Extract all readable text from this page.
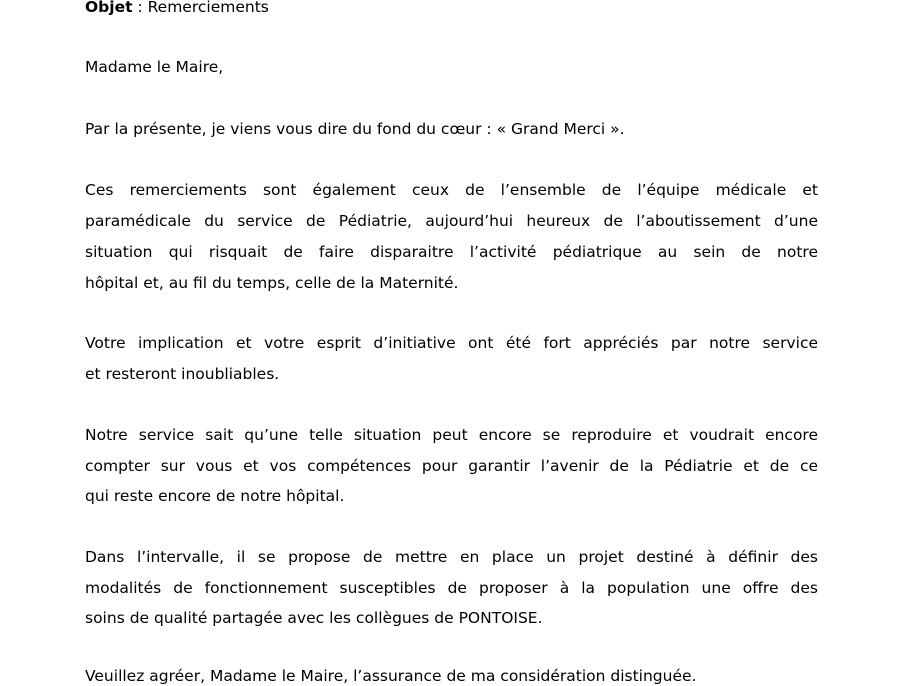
Objet : Remerciements
Madame le Maire,
Par la présente, je viens vous dire du fond du cœur : « Grand Merci ».
Ces remerciements sont également ceux de l’ensemble de l’équipe médicale et
paramédicale du service de Pédiatrie, aujourd’hui heureux de l’aboutissement d’une
situation qui risquait de faire disparaitre l’activité pédiatrique au sein de notre
hôpital et, au fil du temps, celle de la Maternité.
Votre implication et votre esprit d’initiative ont été fort appréciés par notre service
et resteront inoubliables.
Notre service sait qu’une telle situation peut encore se reproduire et voudrait encore
compter sur vous et vos compétences pour garantir l’avenir de la Pédiatrie et de ce
qui reste encore de notre hôpital.
Dans l’intervalle, il se propose de mettre en place un projet destiné à définir des
modalités de fonctionnement susceptibles de proposer à la population une offre des
soins de qualité partagée avec les collègues de PONTOISE.
Veuillez agréer, Madame le Maire, l’assurance de ma considération distinguée.
